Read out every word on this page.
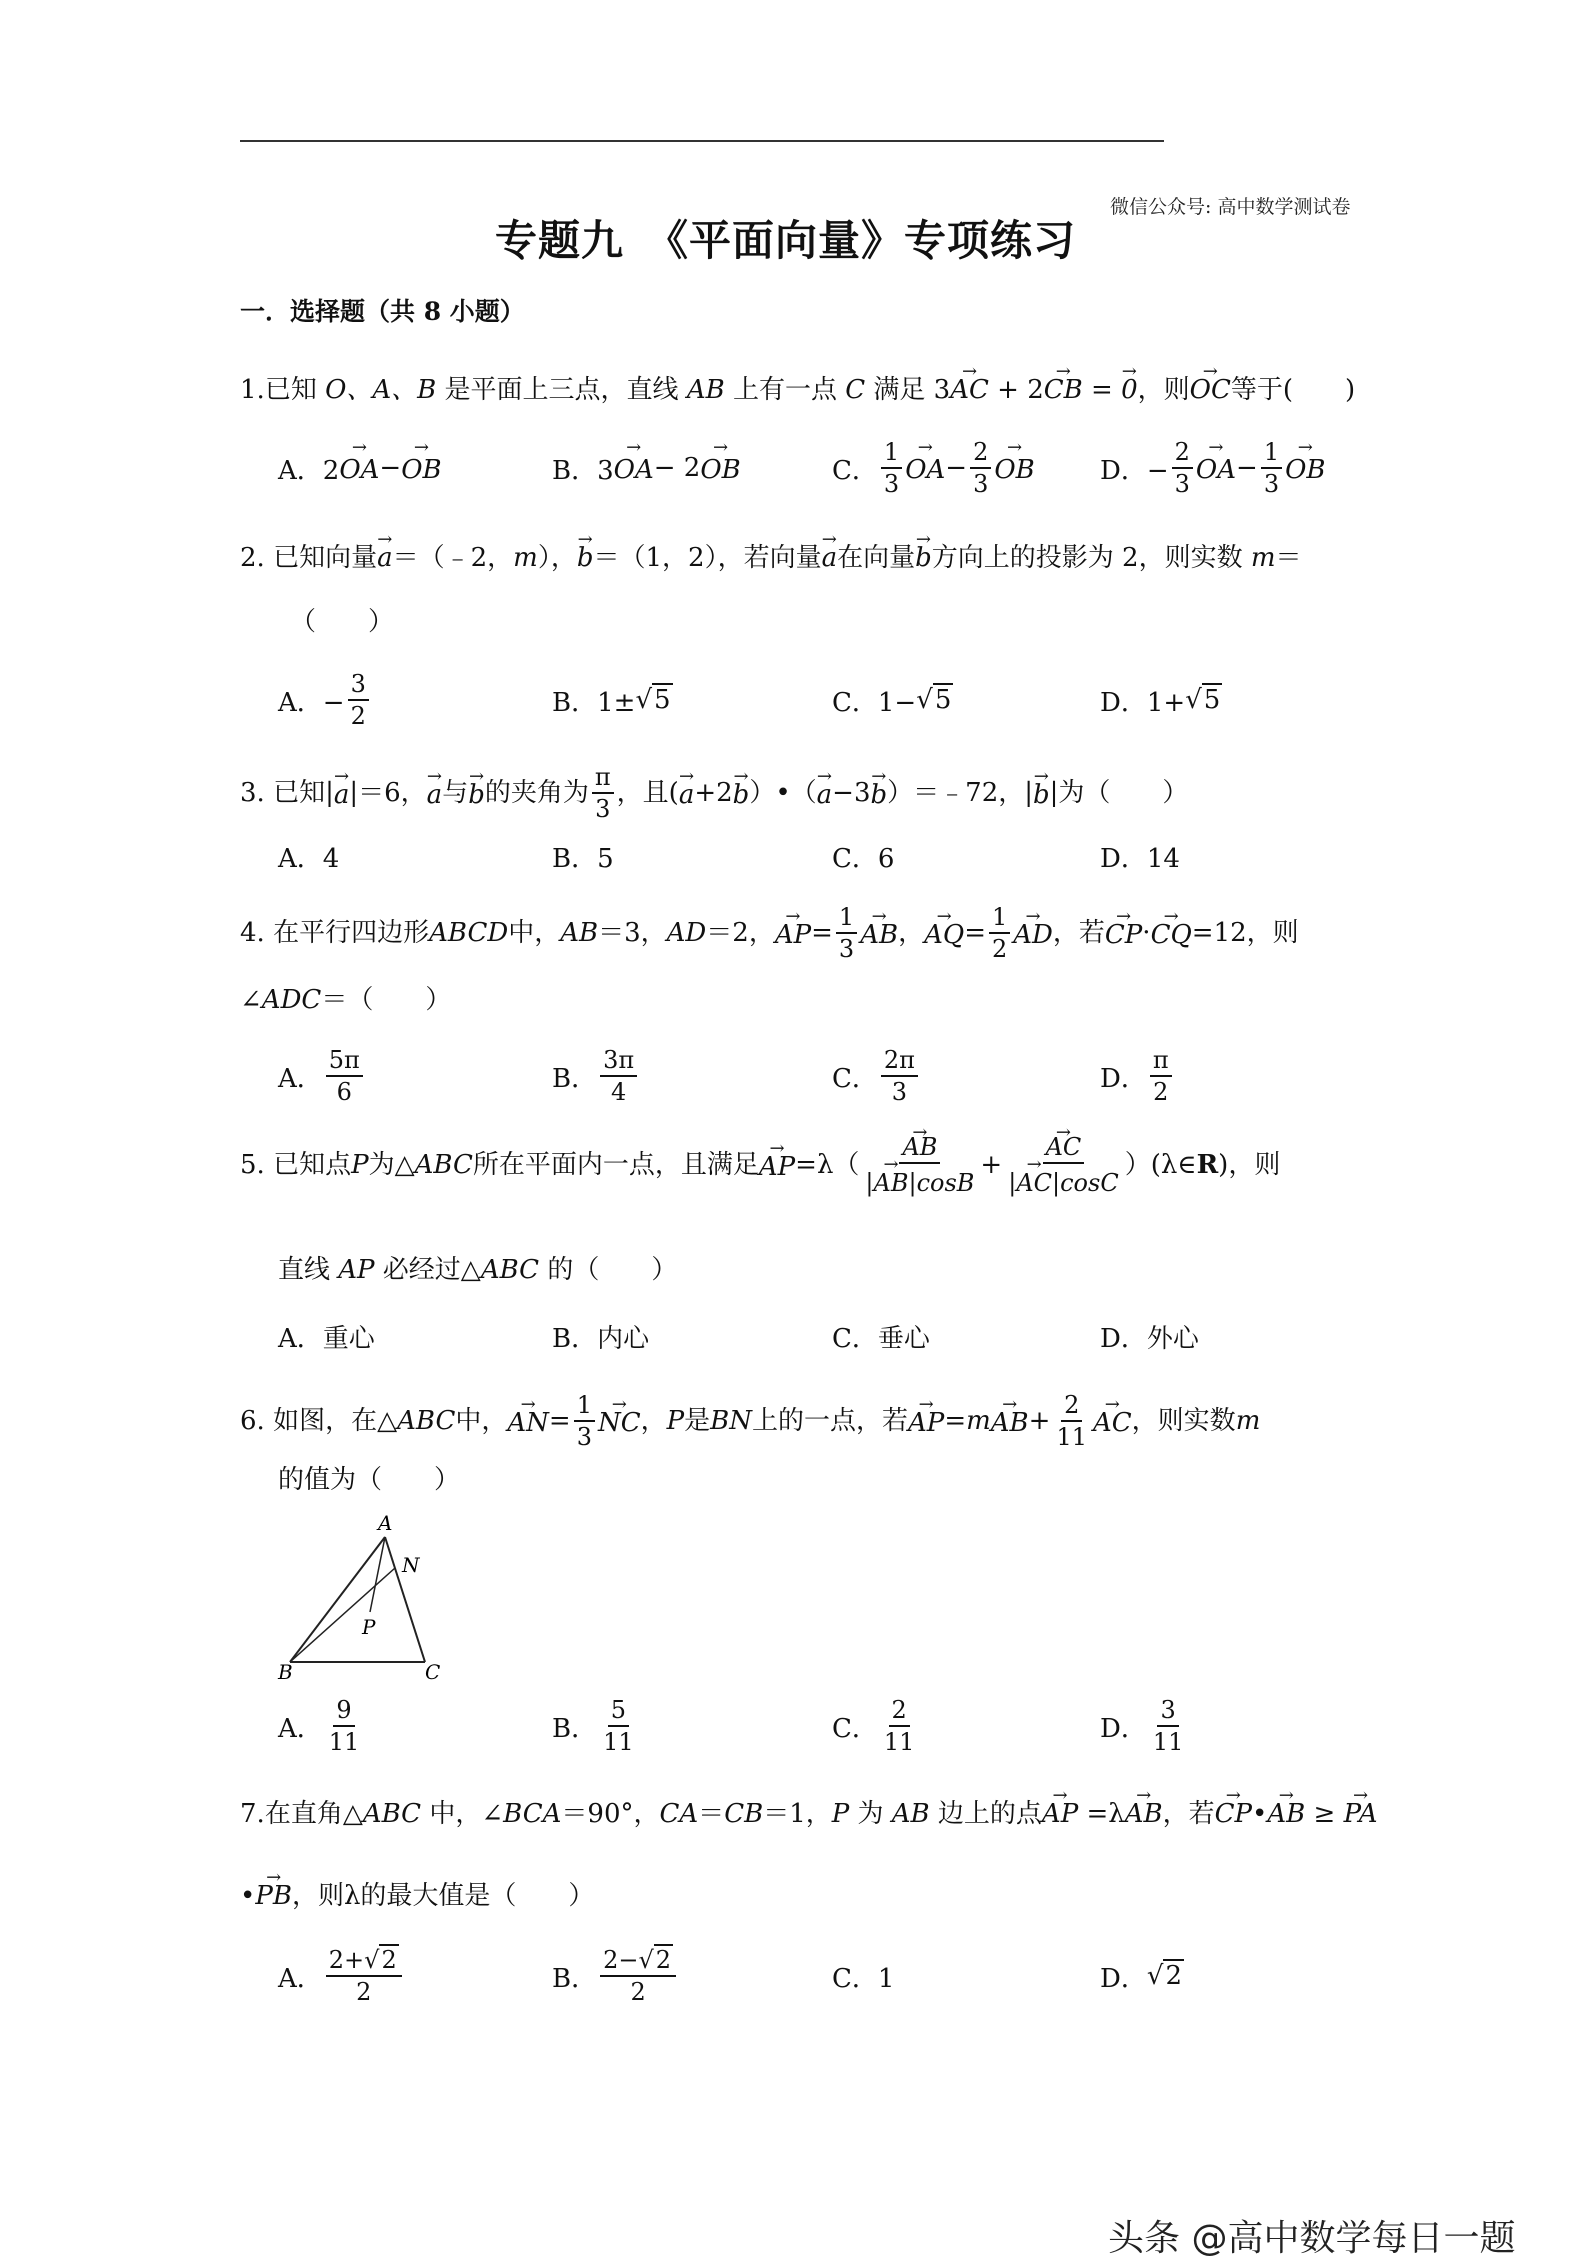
微信公众号: 高中数学测试卷
专题九　《平面向量》专项练习
一．选择题（共 8 小题）
1.已知 O、A、B 是平面上三点，直线 AB 上有一点 C 满足 3→ AC + 2→ CB = → 0，则→ OC等于(　　)
A．2
→ OA −
→ OB	B．3
→ OA − 2
→ OB	C． $\frac{1}{3}$
→ OA − $\frac{2}{3}$
→ OB	D．− $\frac{2}{3}$
→ OA − $\frac{1}{3}$
→ OB
2. 已知向量→ a＝（﹣2，m），→ b＝（1，2），若向量→ a在向量→ b方向上的投影为 2，则实数 m＝
（　　）
A．− $\frac{3}{2}$	B．1± √ 5	C．1− √ 5	D．1+ √ 5
3.
已知|
→ a |＝6，
→ a 与
→ b 的夹角为 $\frac{\pi}{3}$ ，且(
→ a +2
→ b ）•（
→ a −3
→ b ）＝﹣72，|
→ b |为（　　）
A．4	B．5	C．6	D．14
4.
在平行四边形 ABCD 中， AB ＝3， AD ＝2，
→ AP = $\frac{1}{3}$
→ AB ，
→ AQ = $\frac{1}{2}$
→ AD ，若
→ CP ·
→ CQ =12，则
∠ADC＝（　　）
A． $\frac{5\pi}{6}$	B． $\frac{3\pi}{4}$	C． $\frac{2\pi}{3}$	D． $\frac{\pi}{2}$
5.
已知点 P 为△ ABC 所在平面内一点，且满足
→ AP =λ（
→ $\frac{AB}{|\to AB|\cos B}$ +
→ $\frac{AC}{|\to AC|\cos C}$ ）(λ∈ R )，则
直线 AP 必经过△ABC 的（　　）
A．重心	B．内心	C．垂心	D．外心
6.
如图，在△ ABC 中，
→ AN = $\frac{1}{3}$
→ NC ， P 是 BN 上的一点，若
→ AP = m
→ AB + $\frac{2}{11}$
→ AC ，则实数 m
的值为（　　）
A
N
P
B	C
A． $\frac{9}{11}$	B． $\frac{5}{11}$	C． $\frac{2}{11}$	D． $\frac{3}{11}$
7.在直角△ABC 中，∠BCA＝90°，CA＝CB＝1，P 为 AB 边上的点→ AP =λ→ AB，若→ CP•→ AB ≥ → PA
•→ PB，则λ的最大值是（　　）
A． $\frac{2+√2}{2}$	B． $\frac{2-√2}{2}$	C．1	D． √ 2
头条 @高中数学每日一题
